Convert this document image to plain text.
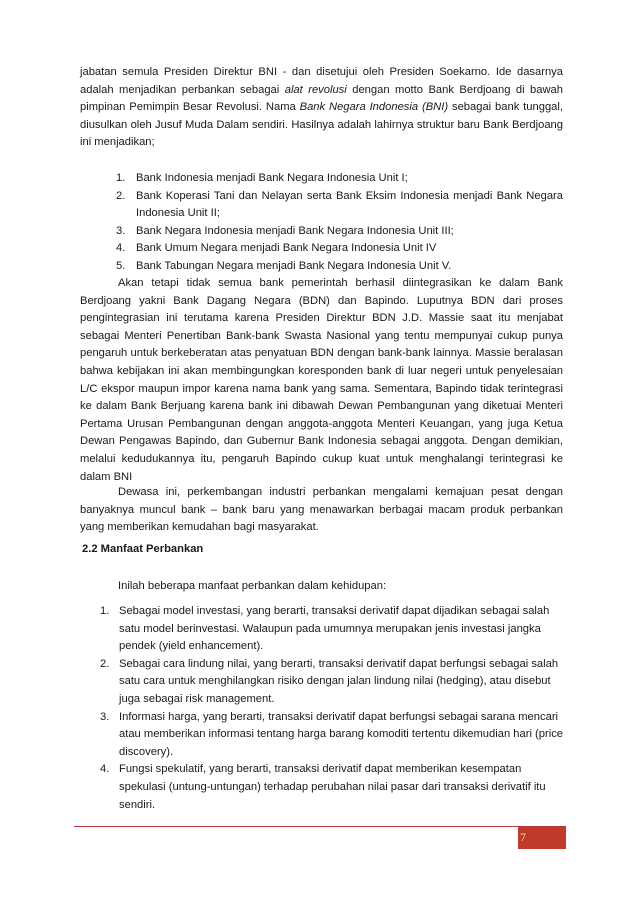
jabatan semula Presiden Direktur BNI - dan disetujui oleh Presiden Soekarno. Ide dasarnya adalah menjadikan perbankan sebagai alat revolusi dengan motto Bank Berdjoang di bawah pimpinan Pemimpin Besar Revolusi. Nama Bank Negara Indonesia (BNI) sebagai bank tunggal, diusulkan oleh Jusuf Muda Dalam sendiri. Hasilnya adalah lahirnya struktur baru Bank Berdjoang ini menjadikan;

1. Bank Indonesia menjadi Bank Negara Indonesia Unit I;
2. Bank Koperasi Tani dan Nelayan serta Bank Eksim Indonesia menjadi Bank Negara Indonesia Unit II;
3. Bank Negara Indonesia menjadi Bank Negara Indonesia Unit III;
4. Bank Umum Negara menjadi Bank Negara Indonesia Unit IV
5. Bank Tabungan Negara menjadi Bank Negara Indonesia Unit V.

Akan tetapi tidak semua bank pemerintah berhasil diintegrasikan ke dalam Bank Berdjoang yakni Bank Dagang Negara (BDN) dan Bapindo. Luputnya BDN dari proses pengintegrasian ini terutama karena Presiden Direktur BDN J.D. Massie saat itu menjabat sebagai Menteri Penertiban Bank-bank Swasta Nasional yang tentu mempunyai cukup punya pengaruh untuk berkeberatan atas penyatuan BDN dengan bank-bank lainnya. Massie beralasan bahwa kebijakan ini akan membingungkan koresponden bank di luar negeri untuk penyelesaian L/C ekspor maupun impor karena nama bank yang sama. Sementara, Bapindo tidak terintegrasi ke dalam Bank Berjuang karena bank ini dibawah Dewan Pembangunan yang diketuai Menteri Pertama Urusan Pembangunan dengan anggota-anggota Menteri Keuangan, yang juga Ketua Dewan Pengawas Bapindo, dan Gubernur Bank Indonesia sebagai anggota. Dengan demikian, melalui kedudukannya itu, pengaruh Bapindo cukup kuat untuk menghalangi terintegrasi ke dalam BNI

Dewasa ini, perkembangan industri perbankan mengalami kemajuan pesat dengan banyaknya muncul bank – bank baru yang menawarkan berbagai macam produk perbankan yang memberikan kemudahan bagi masyarakat.

2.2 Manfaat Perbankan

Inilah beberapa manfaat perbankan dalam kehidupan:

1. Sebagai model investasi, yang berarti, transaksi derivatif dapat dijadikan sebagai salah satu model berinvestasi. Walaupun pada umumnya merupakan jenis investasi jangka pendek (yield enhancement).
2. Sebagai cara lindung nilai, yang berarti, transaksi derivatif dapat berfungsi sebagai salah satu cara untuk menghilangkan risiko dengan jalan lindung nilai (hedging), atau disebut juga sebagai risk management.
3. Informasi harga, yang berarti, transaksi derivatif dapat berfungsi sebagai sarana mencari atau memberikan informasi tentang harga barang komoditi tertentu dikemudian hari (price discovery).
4. Fungsi spekulatif, yang berarti, transaksi derivatif dapat memberikan kesempatan spekulasi (untung-untungan) terhadap perubahan nilai pasar dari transaksi derivatif itu sendiri.
7
